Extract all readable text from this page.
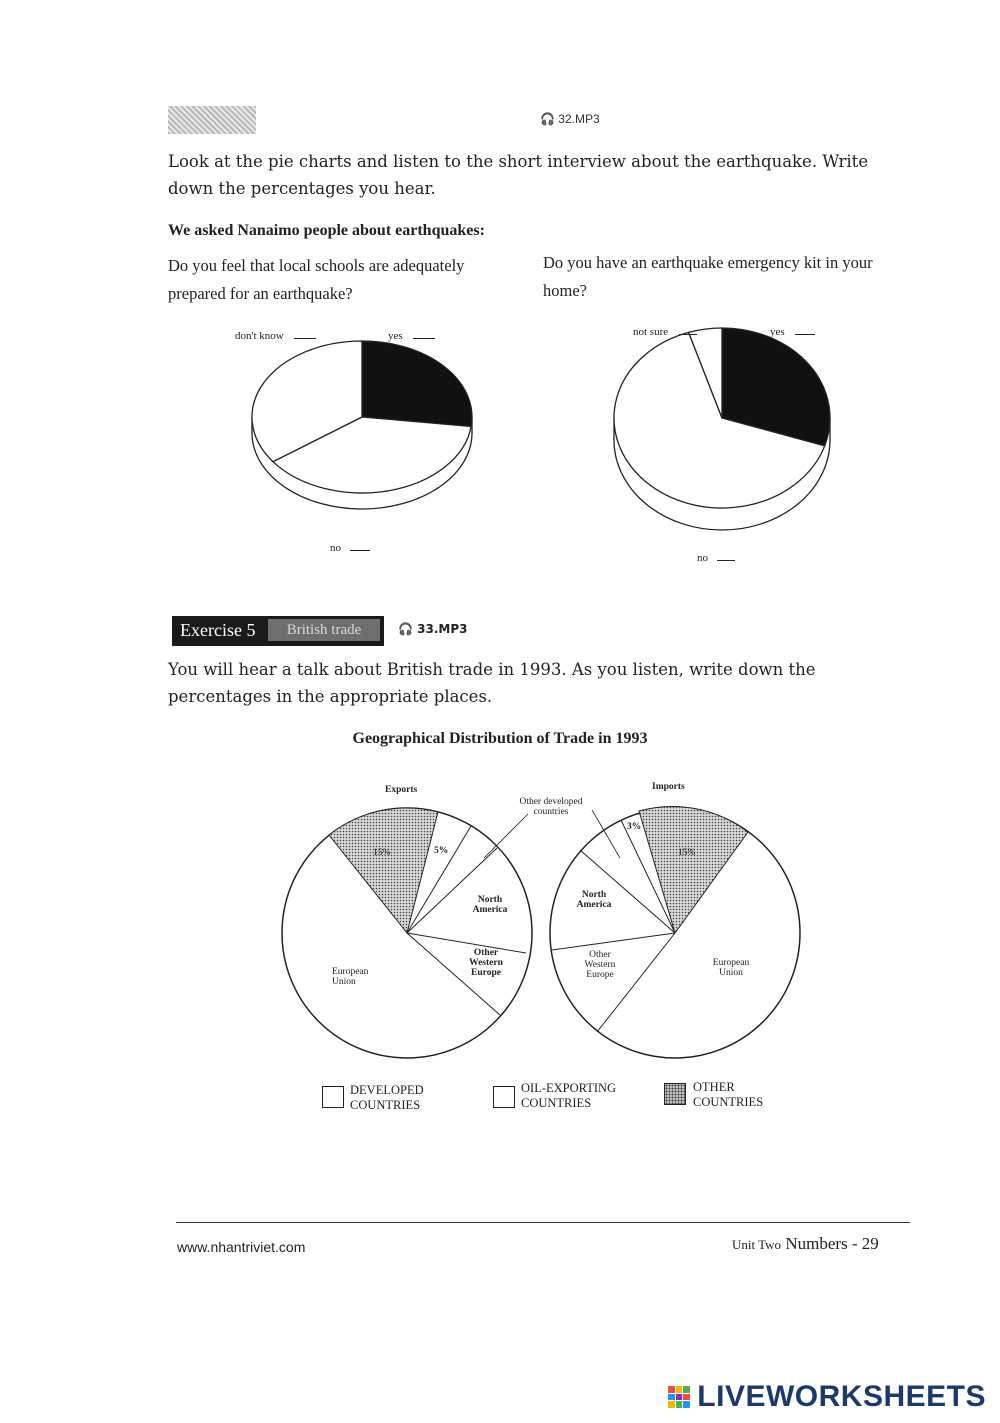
🎧 32.MP3
Look at the pie charts and listen to the short interview about the earthquake. Write down the percentages you hear.
We asked Nanaimo people about earthquakes:
Do you feel that local schools are adequately prepared for an earthquake?
Do you have an earthquake emergency kit in your home?
don't know	yes
no
not sure	yes
no
Exercise 5	British trade	🎧 33.MP3
You will hear a talk about British trade in 1993. As you listen, write down the percentages in the appropriate places.
Geographical Distribution of Trade in 1993
Exports	Imports
Other developed countries
15%	5%
North America
Other Western Europe
European Union
3%
15%
North America
Other Western Europe
European Union
DEVELOPED COUNTRIES
OIL-EXPORTING COUNTRIES
OTHER COUNTRIES
www.nhantriviet.com	Unit Two Numbers - 29
LIVEWORKSHEETS
